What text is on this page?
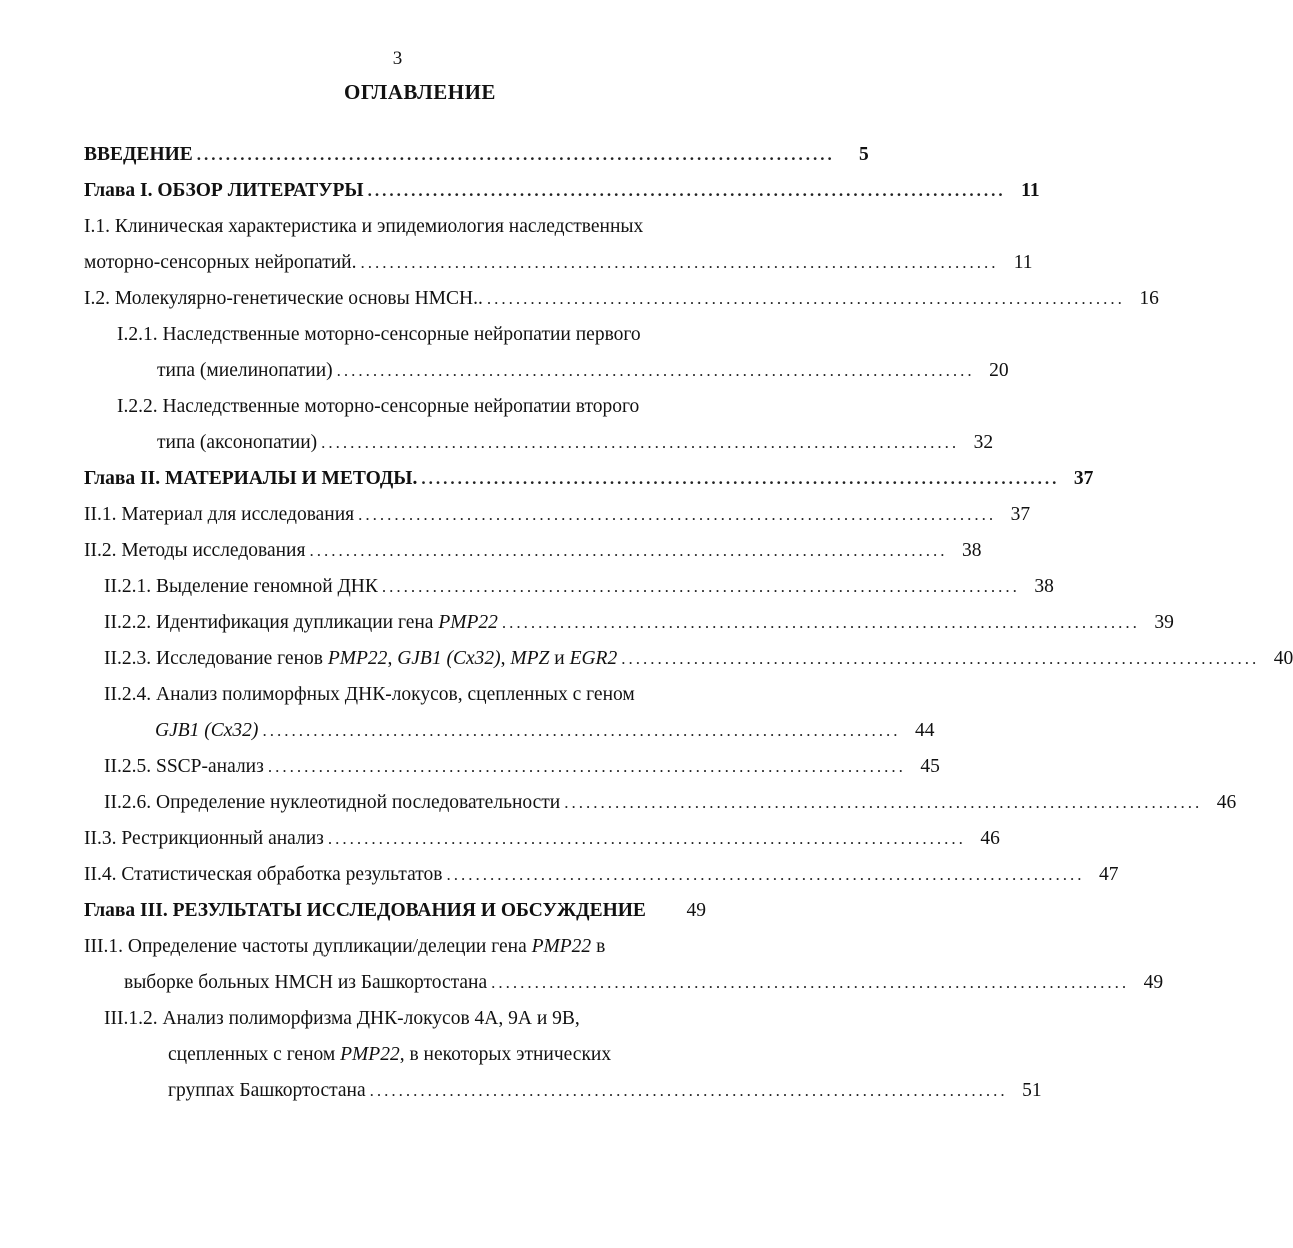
3
ОГЛАВЛЕНИЕ
ВВЕДЕНИЕ ........................................................................................	5
Глава I. ОБЗОР ЛИТЕРАТУРЫ ........................................................................................ 11
I.1. Клиническая характеристика и эпидемиология наследственных
моторно-сенсорных нейропатий. ........................................................................................ 11
I.2. Молекулярно-генетические основы НМСН.. ........................................................................................ 16
I.2.1. Наследственные моторно-сенсорные нейропатии первого
типа (миелинопатии) ........................................................................................ 20
I.2.2. Наследственные моторно-сенсорные нейропатии второго
типа (аксонопатии) ........................................................................................ 32
Глава II. МАТЕРИАЛЫ И МЕТОДЫ. ........................................................................................ 37
II.1. Материал для исследования ........................................................................................ 37
II.2. Методы исследования ........................................................................................ 38
II.2.1. Выделение геномной ДНК ........................................................................................ 38
II.2.2. Идентификация дупликации гена PMP22 ........................................................................................ 39
II.2.3. Исследование генов PMP22, GJB1 (Cx32), MPZ и EGR2 ........................................................................................ 40
II.2.4. Анализ полиморфных ДНК-локусов, сцепленных с геном
GJB1 (Cx32) ........................................................................................ 44
II.2.5. SSCP-анализ ........................................................................................ 45
II.2.6. Определение нуклеотидной последовательности ........................................................................................ 46
II.3. Рестрикционный анализ ........................................................................................ 46
II.4. Статистическая обработка результатов ........................................................................................ 47
Глава III. РЕЗУЛЬТАТЫ ИССЛЕДОВАНИЯ И ОБСУЖДЕНИЕ	49
III.1. Определение частоты дупликации/делеции гена PMP22 в
выборке больных НМСН из Башкортостана ........................................................................................ 49
III.1.2. Анализ полиморфизма ДНК-локусов 4А, 9А и 9В,
сцепленных с геном PMP22, в некоторых этнических
группах Башкортостана ........................................................................................ 51
